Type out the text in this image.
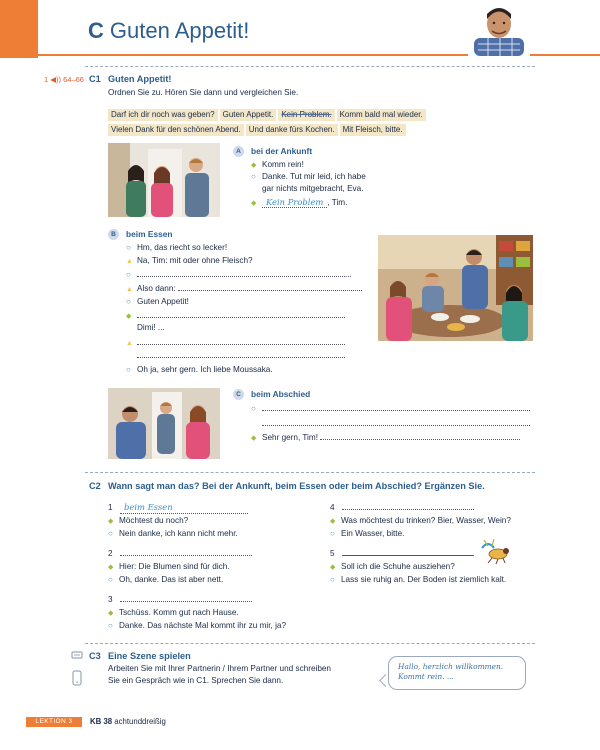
C Guten Appetit!
1 ◀)) 64–66 C1 Guten Appetit!
Ordnen Sie zu. Hören Sie dann und vergleichen Sie.
Darf ich dir noch was geben? Guten Appetit. Kein Problem. Komm bald mal wieder.
Vielen Dank für den schönen Abend. Und danke fürs Kochen. Mit Fleisch, bitte.
A	bei der Ankunft
◆Komm rein!
○Danke. Tut mir leid, ich habe
gar nichts mitgebracht, Eva.
◆Kein Problem , Tim.
B	beim Essen
○Hm, das riecht so lecker!
▲Na, Tim: mit oder ohne Fleisch?
○...
▲Also dann:
○Guten Appetit!
◆
Dimi! ...
▲
○Oh ja, sehr gern. Ich liebe Moussaka.
C	beim Abschied
○
◆Sehr gern, Tim!
C2 Wann sagt man das? Bei der Ankunft, beim Essen oder beim Abschied? Ergänzen Sie.
1 beim Essen
◆Möchtest du noch?
○Nein danke, ich kann nicht mehr.
2
◆Hier: Die Blumen sind für dich.
○Oh, danke. Das ist aber nett.
3
◆Tschüss. Komm gut nach Hause.
○Danke. Das nächste Mal kommt ihr zu mir, ja?
4
◆Was möchtest du trinken? Bier, Wasser, Wein?
○Ein Wasser, bitte.
5
◆Soll ich die Schuhe ausziehen?
○Lass sie ruhig an. Der Boden ist ziemlich kalt.
C3 Eine Szene spielen
Arbeiten Sie mit Ihrer Partnerin / Ihrem Partner und schreiben
Sie ein Gespräch wie in C1. Sprechen Sie dann.
Hallo, herzlich willkommen.
Kommt rein. ...
LEKTION 3	KB 38 achtunddreißig
